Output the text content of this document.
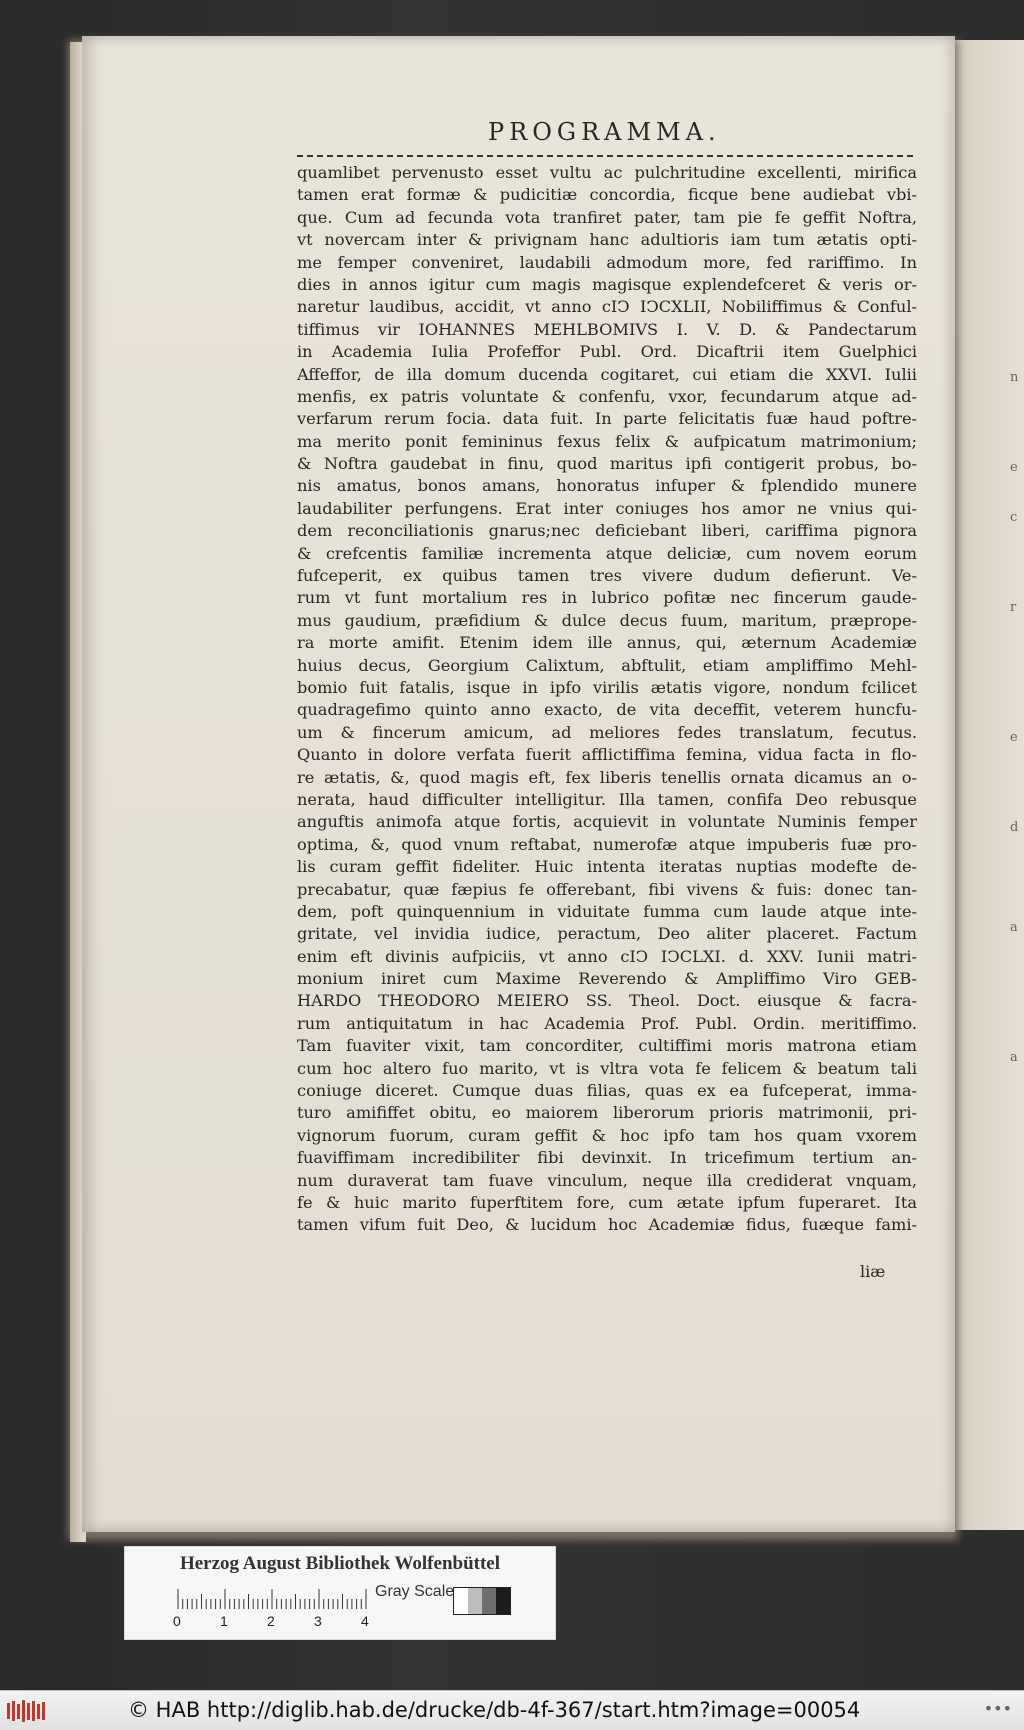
n
e
c
r
e
d
a
a
PROGRAMMA.
quamlibet pervenusto esset vultu ac pulchritudine excellenti, mirifica
tamen erat formæ & pudicitiæ concordia, ficque bene audiebat vbi-
que. Cum ad fecunda vota tranfiret pater, tam pie fe geffit Noftra,
vt novercam inter & privignam hanc adultioris iam tum ætatis opti-
me femper conveniret, laudabili admodum more, fed rariffimo. In
dies in annos igitur cum magis magisque explendefceret & veris or-
naretur laudibus, accidit, vt anno cIↃ IↃCXLII, Nobiliffimus & Conful-
tiffimus vir IOHANNES MEHLBOMIVS I. V. D. & Pandectarum
in Academia Iulia Profeffor Publ. Ord. Dicaftrii item Guelphici
Affeffor, de illa domum ducenda cogitaret, cui etiam die XXVI. Iulii
menfis, ex patris voluntate & confenfu, vxor, fecundarum atque ad-
verfarum rerum focia. data fuit. In parte felicitatis fuæ haud poftre-
ma merito ponit femininus fexus felix & aufpicatum matrimonium;
& Noftra gaudebat in finu, quod maritus ipfi contigerit probus, bo-
nis amatus, bonos amans, honoratus infuper & fplendido munere
laudabiliter perfungens. Erat inter coniuges hos amor ne vnius qui-
dem reconciliationis gnarus;nec deficiebant liberi, cariffima pignora
& crefcentis familiæ incrementa atque deliciæ, cum novem eorum
fufceperit, ex quibus tamen tres vivere dudum defierunt. Ve-
rum vt funt mortalium res in lubrico pofitæ nec fincerum gaude-
mus gaudium, præfidium & dulce decus fuum, maritum, præprope-
ra morte amifit. Etenim idem ille annus, qui, æternum Academiæ
huius decus, Georgium Calixtum, abftulit, etiam ampliffimo Mehl-
bomio fuit fatalis, isque in ipfo virilis ætatis vigore, nondum fcilicet
quadragefimo quinto anno exacto, de vita deceffit, veterem huncfu-
um & fincerum amicum, ad meliores fedes translatum, fecutus.
Quanto in dolore verfata fuerit afflictiffima femina, vidua facta in flo-
re ætatis, &, quod magis eft, fex liberis tenellis ornata dicamus an o-
nerata, haud difficulter intelligitur. Illa tamen, confifa Deo rebusque
anguftis animofa atque fortis, acquievit in voluntate Numinis femper
optima, &, quod vnum reftabat, numerofæ atque impuberis fuæ pro-
lis curam geffit fideliter. Huic intenta iteratas nuptias modefte de-
precabatur, quæ fæpius fe offerebant, fibi vivens & fuis: donec tan-
dem, poft quinquennium in viduitate fumma cum laude atque inte-
gritate, vel invidia iudice, peractum, Deo aliter placeret. Factum
enim eft divinis aufpiciis, vt anno cIↃ IↃCLXI. d. XXV. Iunii matri-
monium iniret cum Maxime Reverendo & Ampliffimo Viro GEB-
HARDO THEODORO MEIERO SS. Theol. Doct. eiusque & facra-
rum antiquitatum in hac Academia Prof. Publ. Ordin. meritiffimo.
Tam fuaviter vixit, tam concorditer, cultiffimi moris matrona etiam
cum hoc altero fuo marito, vt is vltra vota fe felicem & beatum tali
coniuge diceret. Cumque duas filias, quas ex ea fufceperat, imma-
turo amififfet obitu, eo maiorem liberorum prioris matrimonii, pri-
vignorum fuorum, curam geffit & hoc ipfo tam hos quam vxorem
fuaviffimam incredibiliter fibi devinxit. In tricefimum tertium an-
num duraverat tam fuave vinculum, neque illa crediderat vnquam,
fe & huic marito fuperftitem fore, cum ætate ipfum fuperaret. Ita
tamen vifum fuit Deo, & lucidum hoc Academiæ fidus, fuæque fami-
liæ
Herzog August Bibliothek Wolfenbüttel
Gray Scale
0	1	2	3	4
© HAB http://diglib.hab.de/drucke/db-4f-367/start.htm?image=00054	•••
